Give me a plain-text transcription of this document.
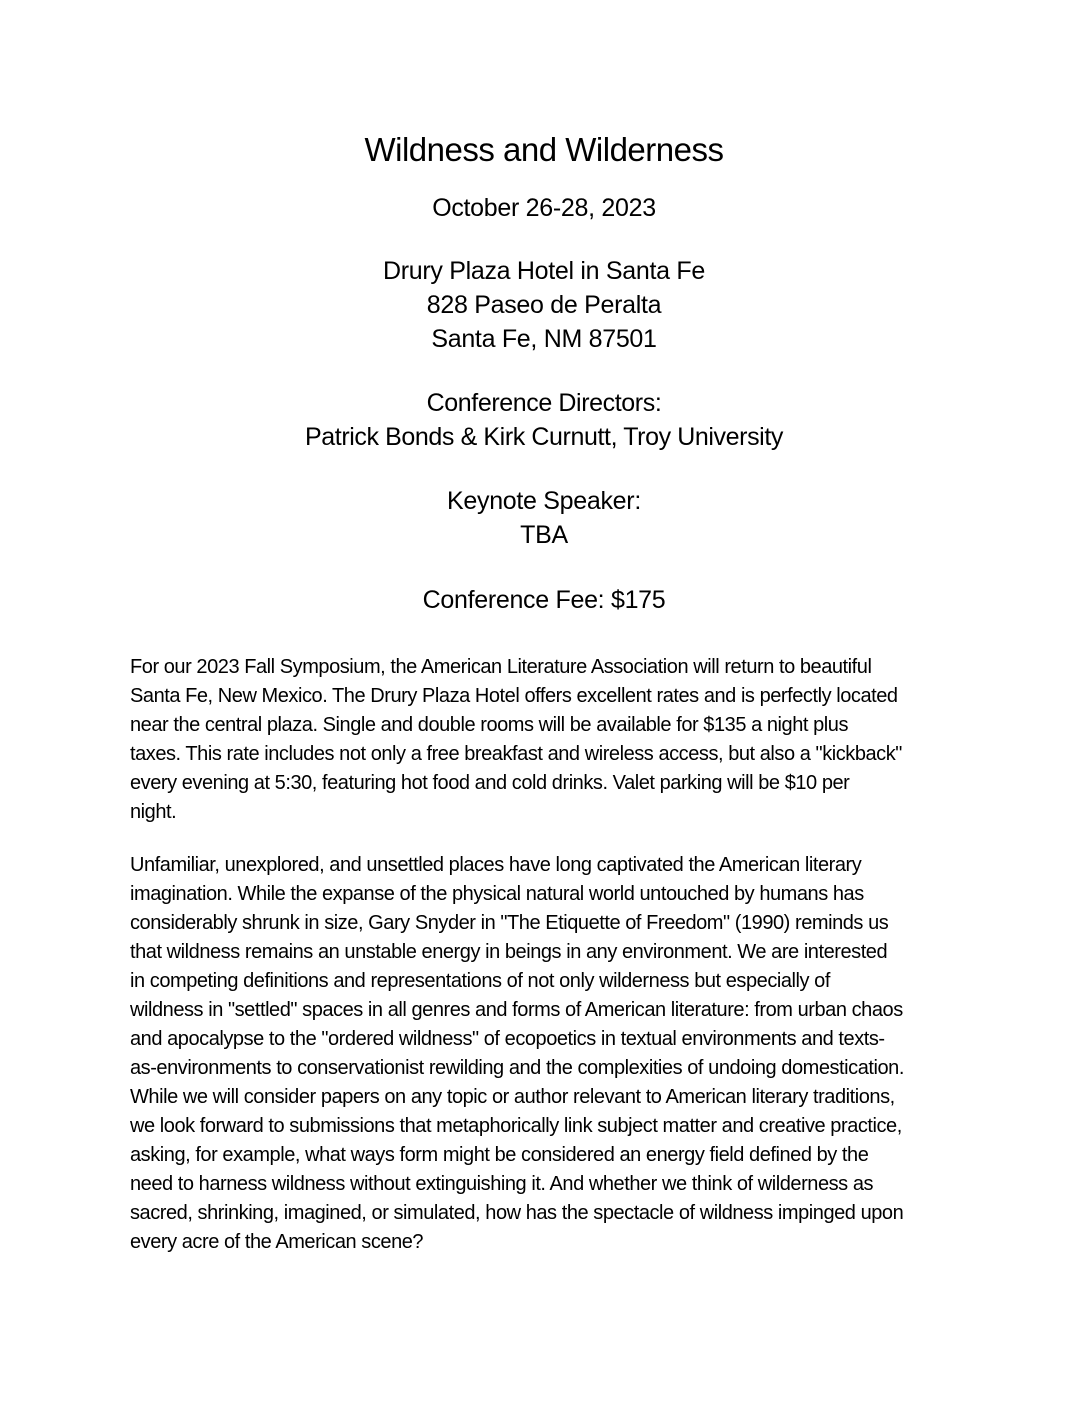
Wildness and Wilderness

October 26-28, 2023

Drury Plaza Hotel in Santa Fe
828 Paseo de Peralta
Santa Fe, NM 87501

Conference Directors:
Patrick Bonds & Kirk Curnutt, Troy University

Keynote Speaker:
TBA

Conference Fee: $175

For our 2023 Fall Symposium, the American Literature Association will return to beautiful
Santa Fe, New Mexico. The Drury Plaza Hotel offers excellent rates and is perfectly located
near the central plaza. Single and double rooms will be available for $135 a night plus
taxes. This rate includes not only a free breakfast and wireless access, but also a "kickback"
every evening at 5:30, featuring hot food and cold drinks. Valet parking will be $10 per
night.

Unfamiliar, unexplored, and unsettled places have long captivated the American literary
imagination. While the expanse of the physical natural world untouched by humans has
considerably shrunk in size, Gary Snyder in "The Etiquette of Freedom" (1990) reminds us
that wildness remains an unstable energy in beings in any environment. We are interested
in competing definitions and representations of not only wilderness but especially of
wildness in "settled" spaces in all genres and forms of American literature: from urban chaos
and apocalypse to the "ordered wildness" of ecopoetics in textual environments and texts-
as-environments to conservationist rewilding and the complexities of undoing domestication.
While we will consider papers on any topic or author relevant to American literary traditions,
we look forward to submissions that metaphorically link subject matter and creative practice,
asking, for example, what ways form might be considered an energy field defined by the
need to harness wildness without extinguishing it. And whether we think of wilderness as
sacred, shrinking, imagined, or simulated, how has the spectacle of wildness impinged upon
every acre of the American scene?
